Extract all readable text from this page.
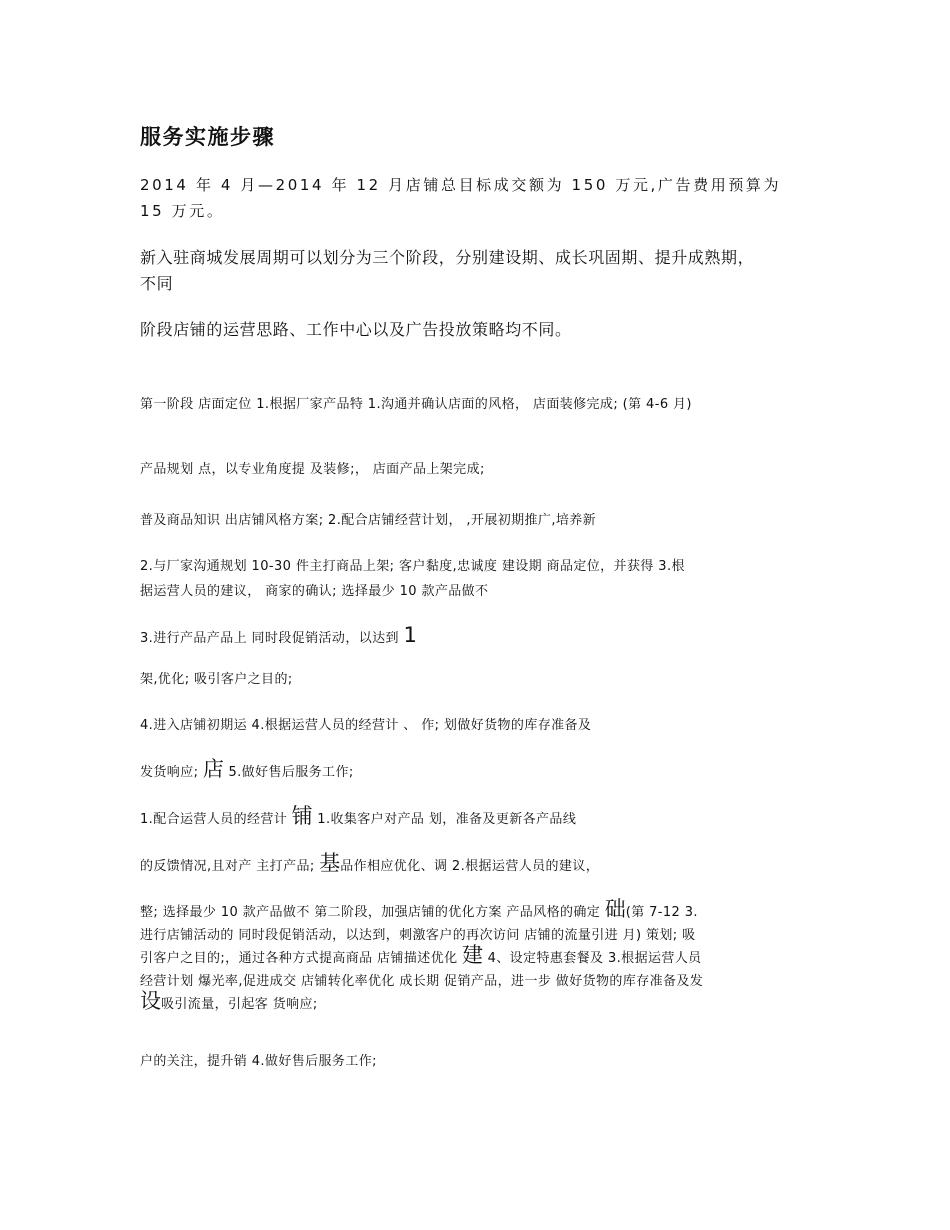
服务实施步骤

2014 年 4 月—2014 年 12 月店铺总目标成交额为 150 万元,广告费用预算为

15 万元。

新入驻商城发展周期可以划分为三个阶段，分别建设期、成长巩固期、提升成熟期，

不同

阶段店铺的运营思路、工作中心以及广告投放策略均不同。

第一阶段 店面定位 1.根据厂家产品特 1.沟通并确认店面的风格， 店面装修完成; (第 4-6 月)

产品规划 点，以专业角度提 及装修;， 店面产品上架完成;

普及商品知识 出店铺风格方案; 2.配合店铺经营计划， ,开展初期推广,培养新

2.与厂家沟通规划 10-30 件主打商品上架; 客户黏度,忠诚度 建设期 商品定位，并获得 3.根

据运营人员的建议， 商家的确认; 选择最少 10 款产品做不

3.进行产品产品上 同时段促销活动，以达到 1

架,优化; 吸引客户之目的;

4.进入店铺初期运 4.根据运营人员的经营计 、 作; 划做好货物的库存准备及

发货响应; 店 5.做好售后服务工作;

1.配合运营人员的经营计 铺 1.收集客户对产品 划，准备及更新各产品线

的反馈情况,且对产 主打产品; 基品作相应优化、调 2.根据运营人员的建议，

整; 选择最少 10 款产品做不 第二阶段，加强店铺的优化方案 产品风格的确定 础(第 7-12 3.
进行店铺活动的 同时段促销活动，以达到，刺激客户的再次访问 店铺的流量引进 月) 策划; 吸
引客户之目的;，通过各种方式提高商品 店铺描述优化 建 4、设定特惠套餐及 3.根据运营人员
经营计划 爆光率,促进成交 店铺转化率优化 成长期 促销产品，进一步 做好货物的库存准备及发
设吸引流量，引起客 货响应;

户的关注，提升销 4.做好售后服务工作;
